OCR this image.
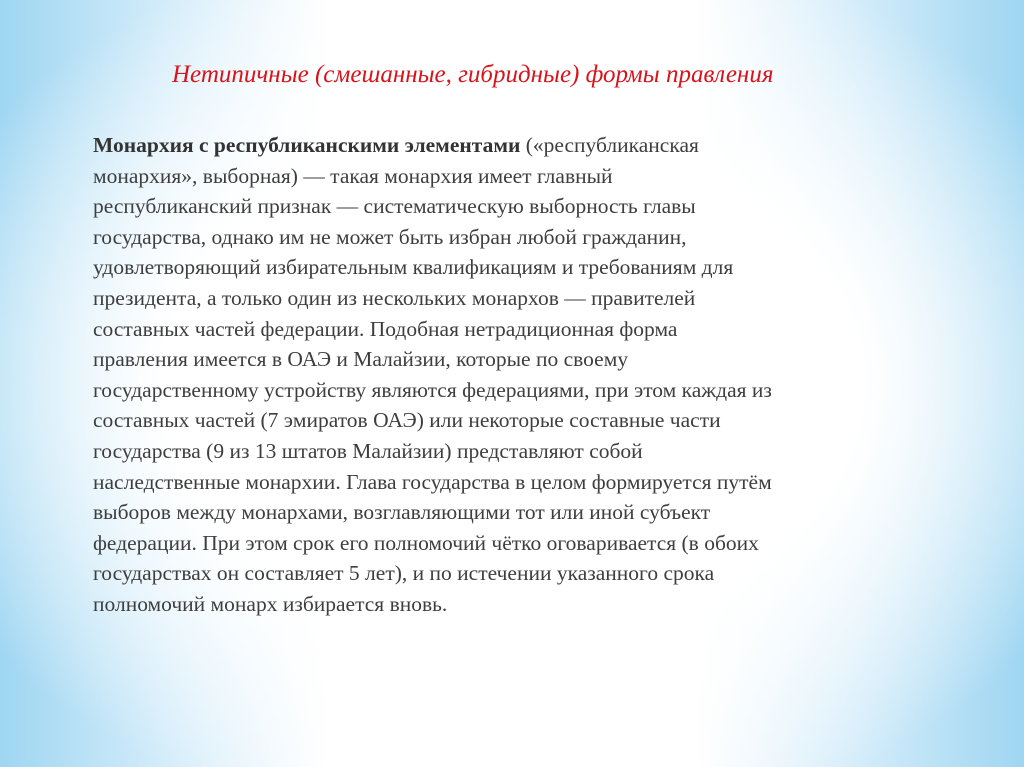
Нетипичные (смешанные, гибридные) формы правления
Монархия с республиканскими элементами («республиканская
монархия», выборная) — такая монархия имеет главный
республиканский признак — систематическую выборность главы
государства, однако им не может быть избран любой гражданин,
удовлетворяющий избирательным квалификациям и требованиям для
президента, а только один из нескольких монархов — правителей
составных частей федерации. Подобная нетрадиционная форма
правления имеется в ОАЭ и Малайзии, которые по своему
государственному устройству являются федерациями, при этом каждая из
составных частей (7 эмиратов ОАЭ) или некоторые составные части
государства (9 из 13 штатов Малайзии) представляют собой
наследственные монархии. Глава государства в целом формируется путём
выборов между монархами, возглавляющими тот или иной субъект
федерации. При этом срок его полномочий чётко оговаривается (в обоих
государствах он составляет 5 лет), и по истечении указанного срока
полномочий монарх избирается вновь.
